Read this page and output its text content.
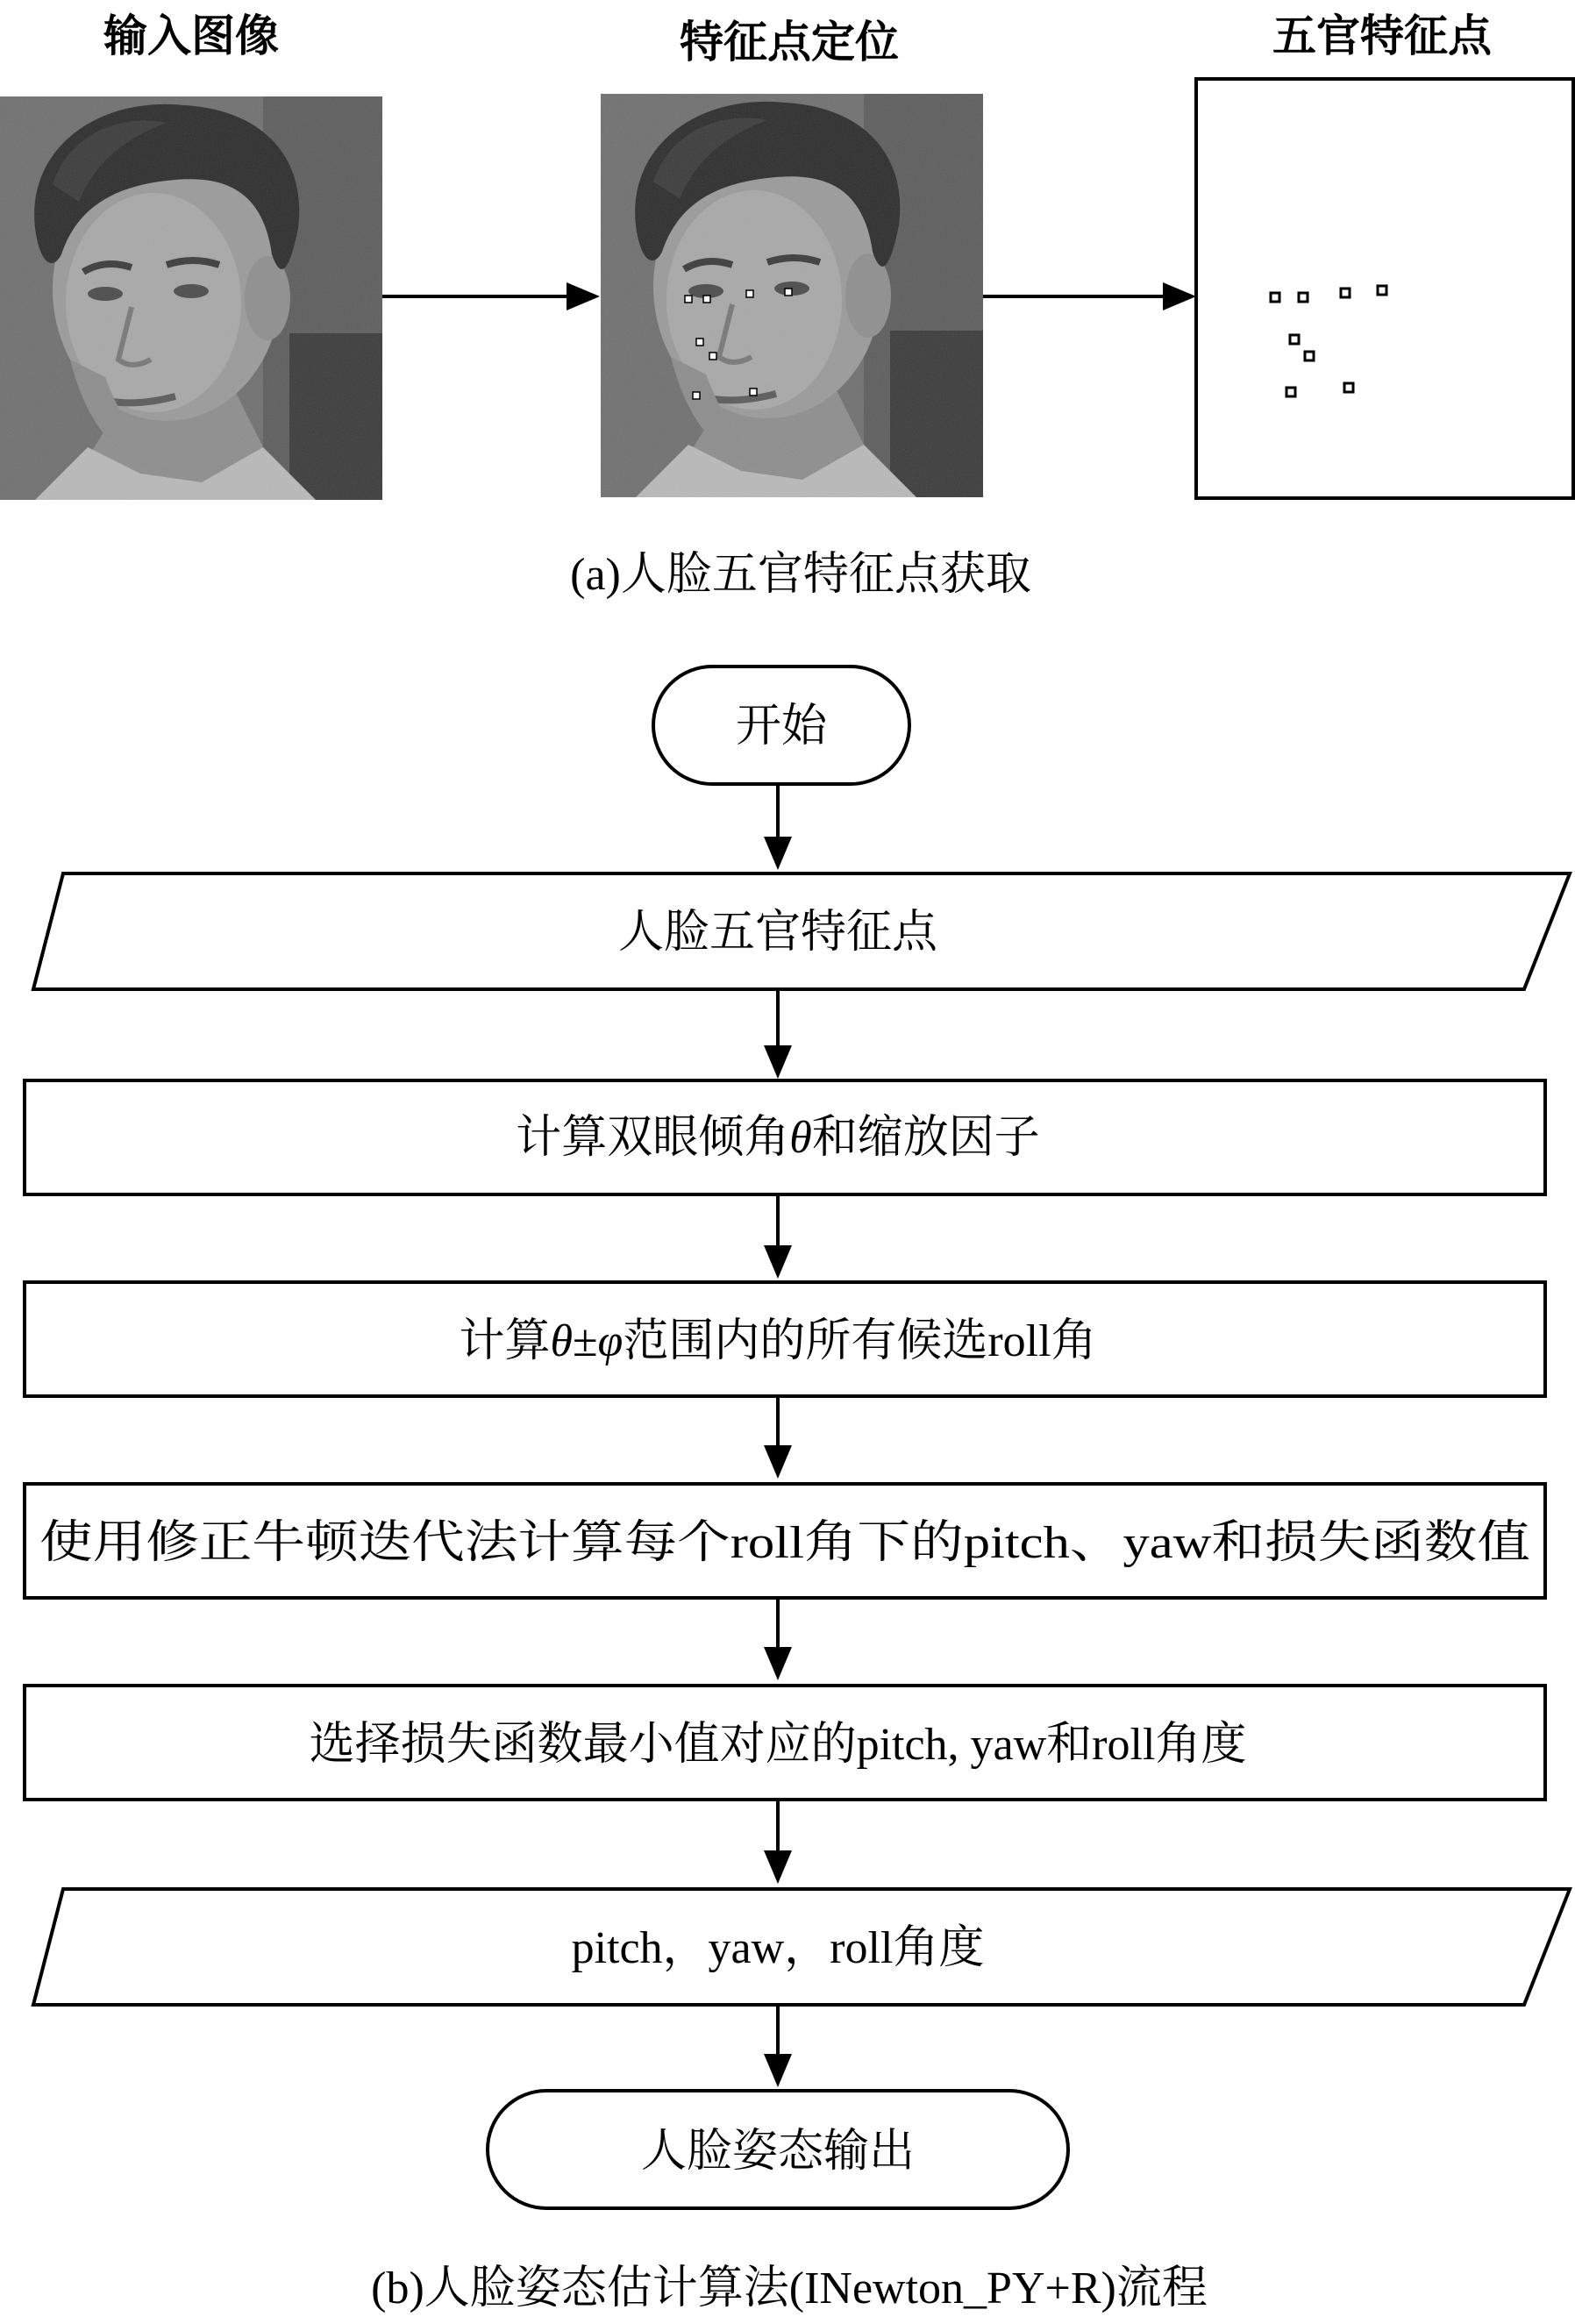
输入图像	特征点定位	五官特征点
(a)人脸五官特征点获取
开始
人脸五官特征点
计算双眼倾角θ和缩放因子
计算θ±φ范围内的所有候选roll角
使用修正牛顿迭代法计算每个roll角下的pitch、yaw和损失函数值
选择损失函数最小值对应的pitch, yaw和roll角度
pitch，yaw，roll角度
人脸姿态输出
(b)人脸姿态估计算法(INewton_PY+R)流程
